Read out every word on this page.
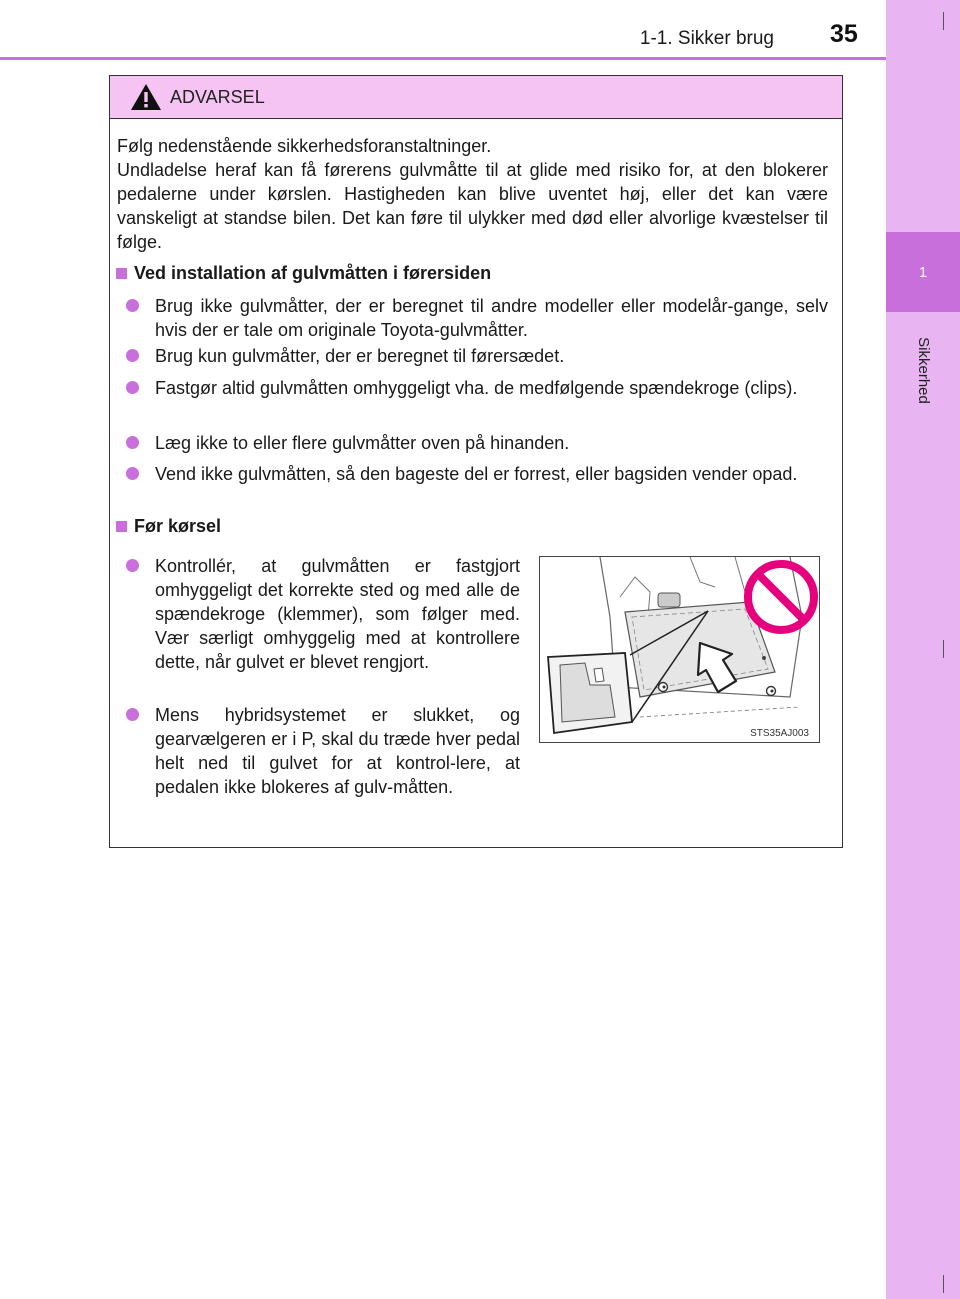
1
Sikkerhed
1-1. Sikker brug 35
ADVARSEL
Følg nedenstående sikkerhedsforanstaltninger.
Undladelse heraf kan få førerens gulvmåtte til at glide med risiko for, at den blokerer pedalerne under kørslen. Hastigheden kan blive uventet høj, eller det kan være vanskeligt at standse bilen. Det kan føre til ulykker med død eller alvorlige kvæstelser til følge.
Ved installation af gulvmåtten i førersiden
Brug ikke gulvmåtter, der er beregnet til andre modeller eller modelår-gange, selv hvis der er tale om originale Toyota-gulvmåtter.
Brug kun gulvmåtter, der er beregnet til førersædet.
Fastgør altid gulvmåtten omhyggeligt vha. de medfølgende spændekroge (clips).
Læg ikke to eller flere gulvmåtter oven på hinanden.
Vend ikke gulvmåtten, så den bageste del er forrest, eller bagsiden vender opad.
Før kørsel
Kontrollér, at gulvmåtten er fastgjort omhyggeligt det korrekte sted og med alle de spændekroge (klemmer), som følger med. Vær særligt omhyggelig med at kontrollere dette, når gulvet er blevet rengjort.
Mens hybridsystemet er slukket, og gearvælgeren er i P, skal du træde hver pedal helt ned til gulvet for at kontrol-lere, at pedalen ikke blokeres af gulv-måtten.
STS35AJ003
